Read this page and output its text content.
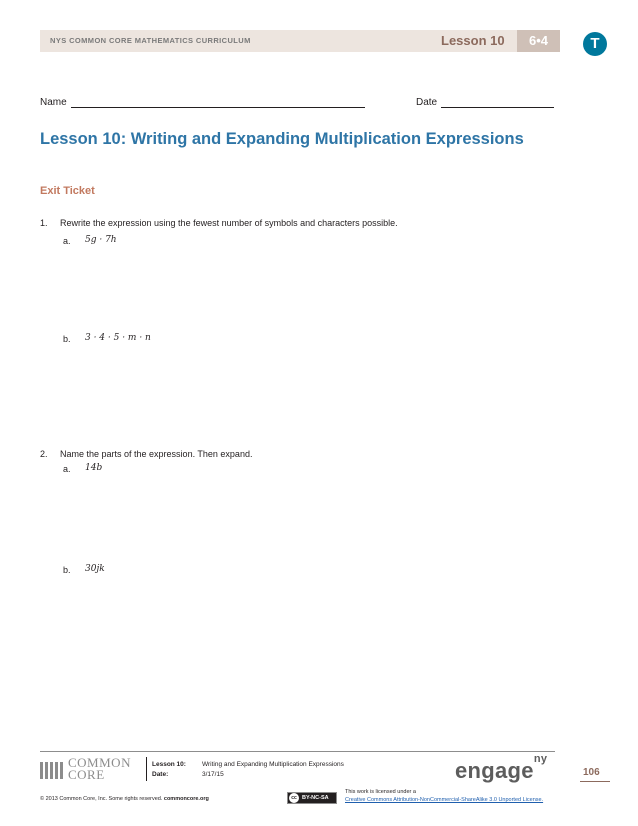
NYS COMMON CORE MATHEMATICS CURRICULUM	Lesson 10	6•4	T
Name	Date
Lesson 10: Writing and Expanding Multiplication Expressions
Exit Ticket
1. Rewrite the expression using the fewest number of symbols and characters possible.
a. 5g · 7h
b. 3 · 4 · 5 · m · n
2. Name the parts of the expression. Then expand.
a. 14b
b. 30jk
COMMON
CORE
Lesson 10: Writing and Expanding Multiplication Expressions
Date:	3/17/15	engage$^{ny}$
106
© 2013 Common Core, Inc. Some rights reserved. commoncore.org	BY-NC-SA
cc
This work is licensed under a
Creative Commons Attribution-NonCommercial-ShareAlike 3.0 Unported License.
